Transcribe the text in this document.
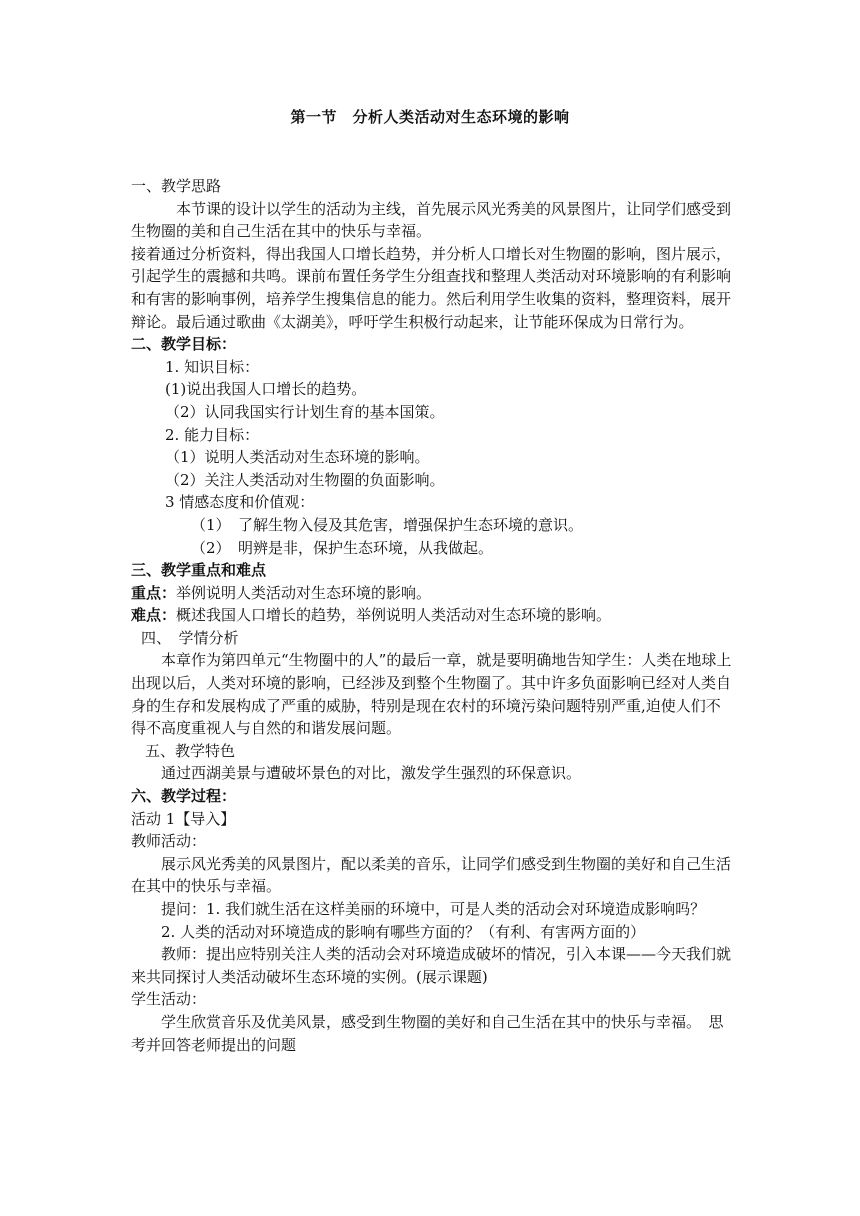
第一节　分析人类活动对生态环境的影响

一、教学思路

本节课的设计以学生的活动为主线，首先展示风光秀美的风景图片，让同学们感受到生物圈的美和自己生活在其中的快乐与幸福。

接着通过分析资料，得出我国人口增长趋势，并分析人口增长对生物圈的影响，图片展示，引起学生的震撼和共鸣。课前布置任务学生分组查找和整理人类活动对环境影响的有利影响和有害的影响事例，培养学生搜集信息的能力。然后利用学生收集的资料，整理资料，展开辩论。最后通过歌曲《太湖美》，呼吁学生积极行动起来，让节能环保成为日常行为。

二、教学目标：

1. 知识目标：

(1)说出我国人口增长的趋势。

（2）认同我国实行计划生育的基本国策。

2. 能力目标：

（1）说明人类活动对生态环境的影响。

（2）关注人类活动对生物圈的负面影响。

3 情感态度和价值观：

（1）　了解生物入侵及其危害，增强保护生态环境的意识。

（2）　明辨是非，保护生态环境，从我做起。

三、教学重点和难点

重点：举例说明人类活动对生态环境的影响。

难点：概述我国人口增长的趋势，举例说明人类活动对生态环境的影响。

四、　学情分析

本章作为第四单元“生物圈中的人”的最后一章，就是要明确地告知学生：人类在地球上出现以后，人类对环境的影响，已经涉及到整个生物圈了。其中许多负面影响已经对人类自身的生存和发展构成了严重的威胁，特别是现在农村的环境污染问题特别严重,迫使人们不得不高度重视人与自然的和谐发展问题。

五、教学特色

通过西湖美景与遭破坏景色的对比，激发学生强烈的环保意识。

六、教学过程：

活动 1【导入】

教师活动：

展示风光秀美的风景图片，配以柔美的音乐，让同学们感受到生物圈的美好和自己生活在其中的快乐与幸福。

提问：1. 我们就生活在这样美丽的环境中，可是人类的活动会对环境造成影响吗？

2. 人类的活动对环境造成的影响有哪些方面的？（有利、有害两方面的）

教师：提出应特别关注人类的活动会对环境造成破坏的情况，引入本课——今天我们就来共同探讨人类活动破坏生态环境的实例。(展示课题)

学生活动：

学生欣赏音乐及优美风景，感受到生物圈的美好和自己生活在其中的快乐与幸福。　思考并回答老师提出的问题
